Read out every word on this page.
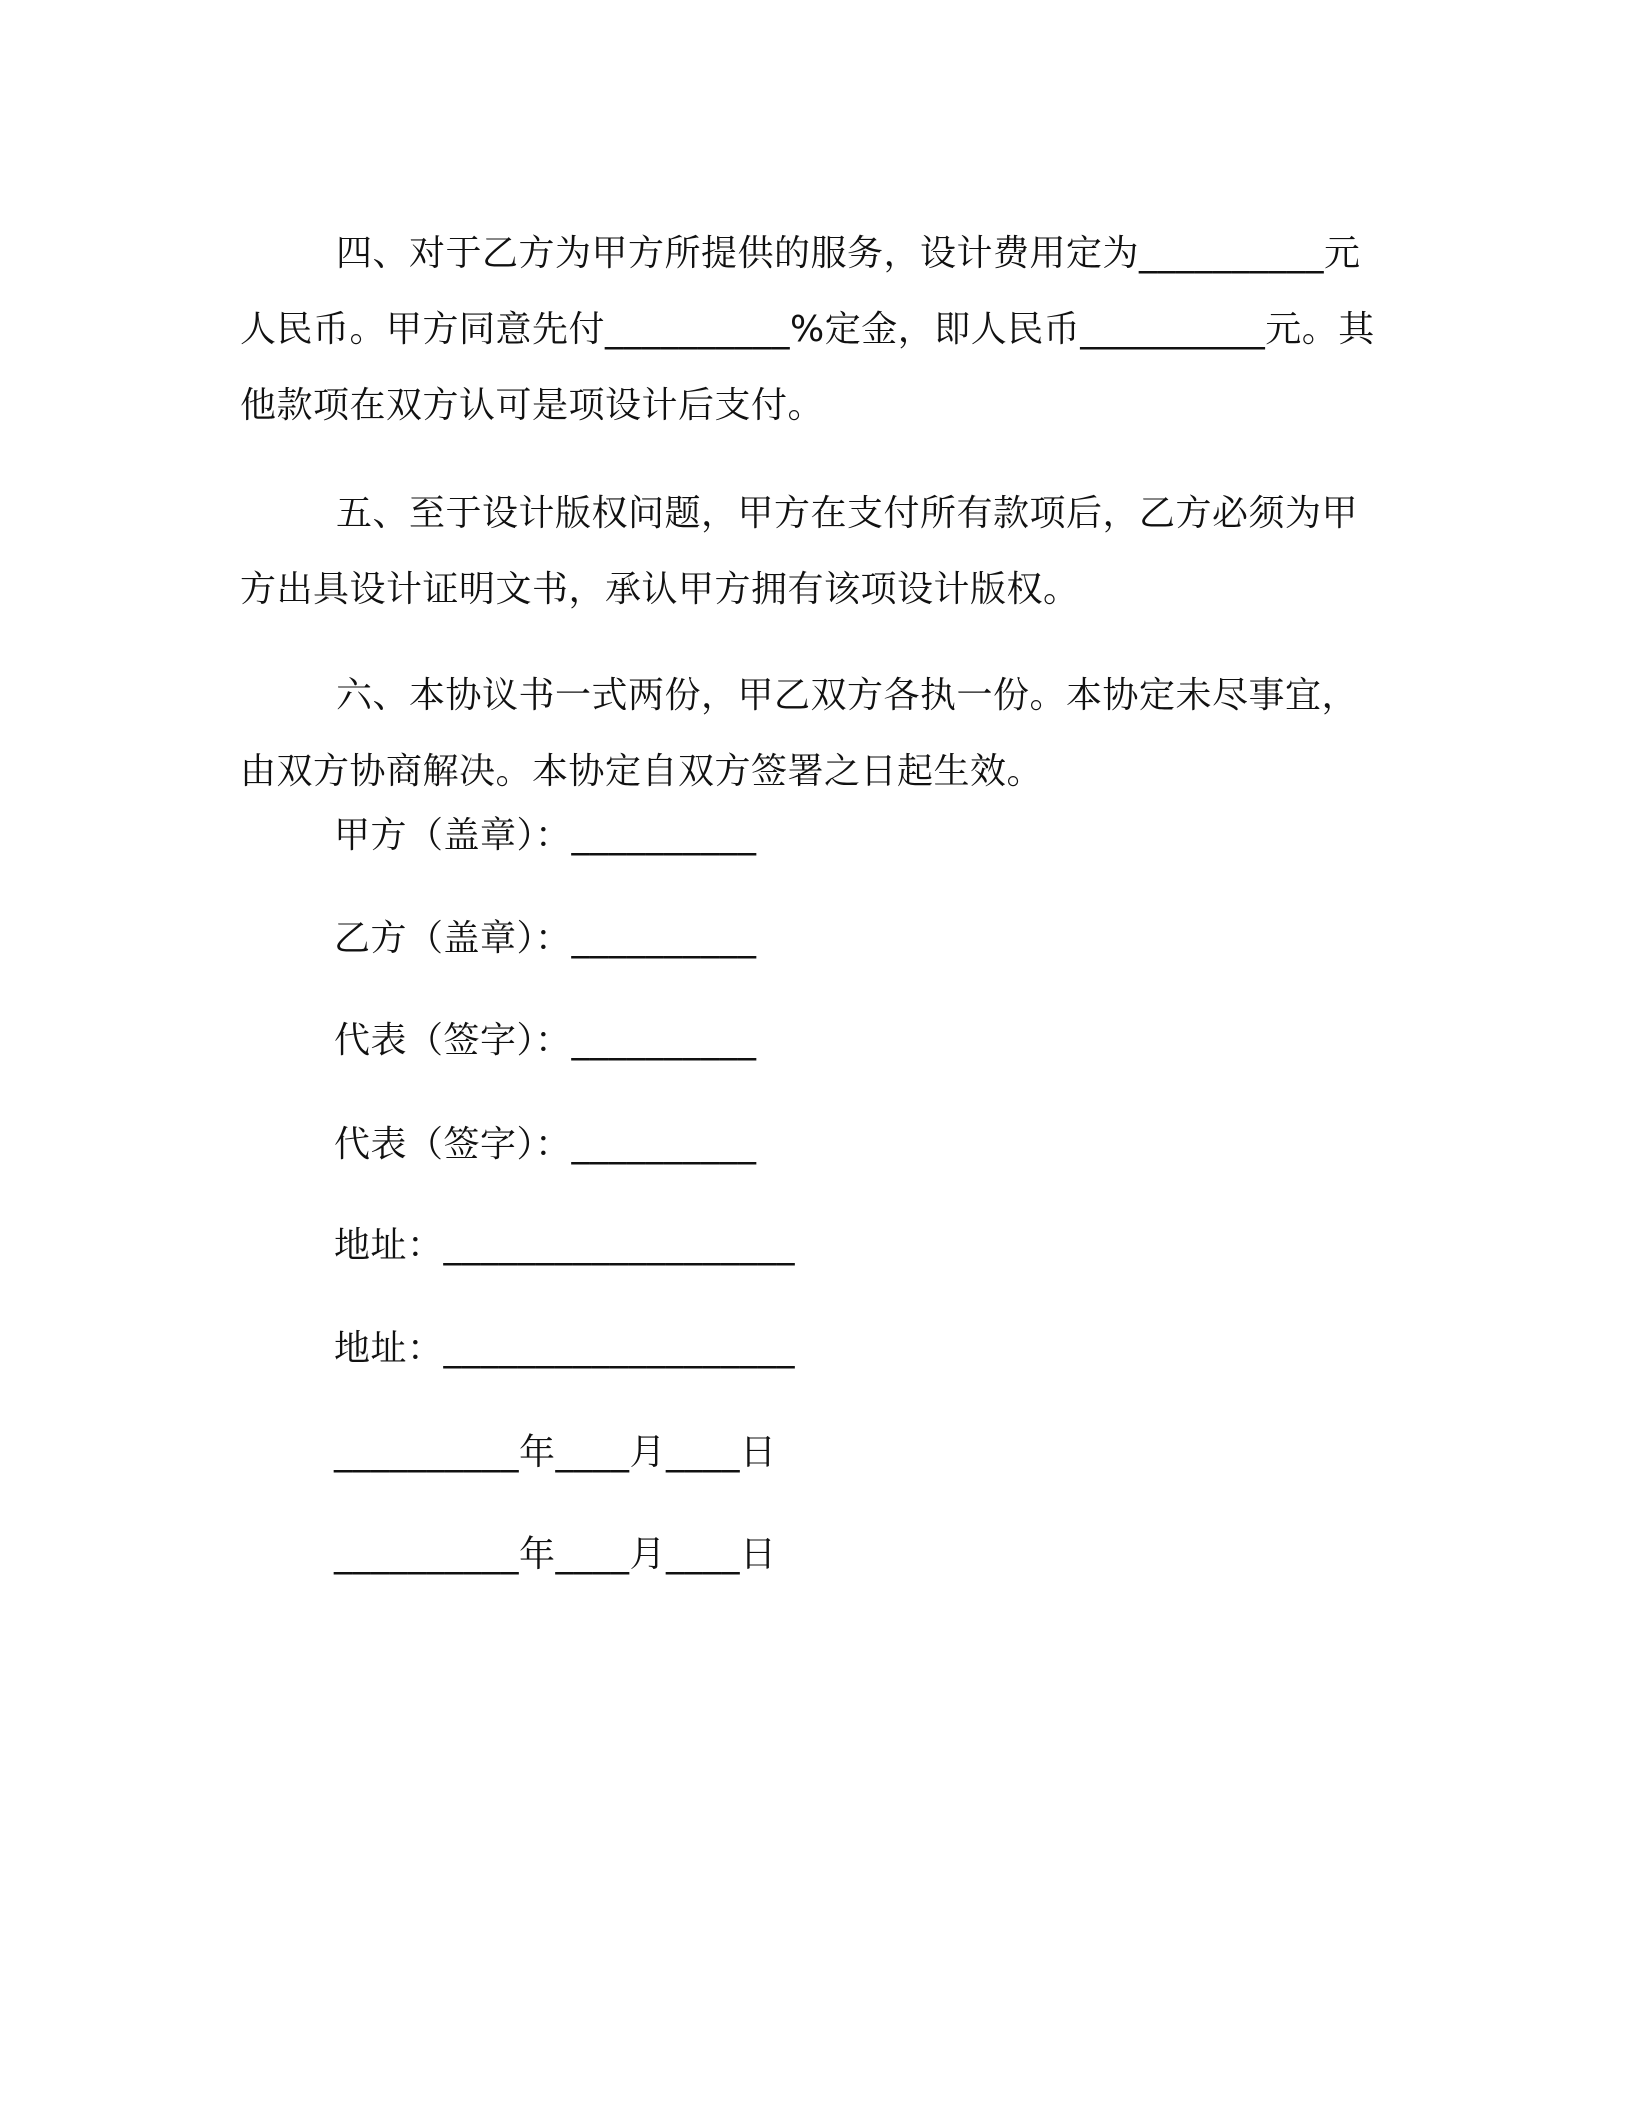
四、对于乙方为甲方所提供的服务，设计费用定为__________元人民币。甲方同意先付__________%定金，即人民币__________元。其他款项在双方认可是项设计后支付。

五、至于设计版权问题，甲方在支付所有款项后，乙方必须为甲方出具设计证明文书，承认甲方拥有该项设计版权。

六、本协议书一式两份，甲乙双方各执一份。本协定未尽事宜，由双方协商解决。本协定自双方签署之日起生效。

甲方（盖章）：__________
乙方（盖章）：__________
代表（签字）：__________
代表（签字）：__________
地址：___________________
地址：___________________
__________年____月____日
__________年____月____日
